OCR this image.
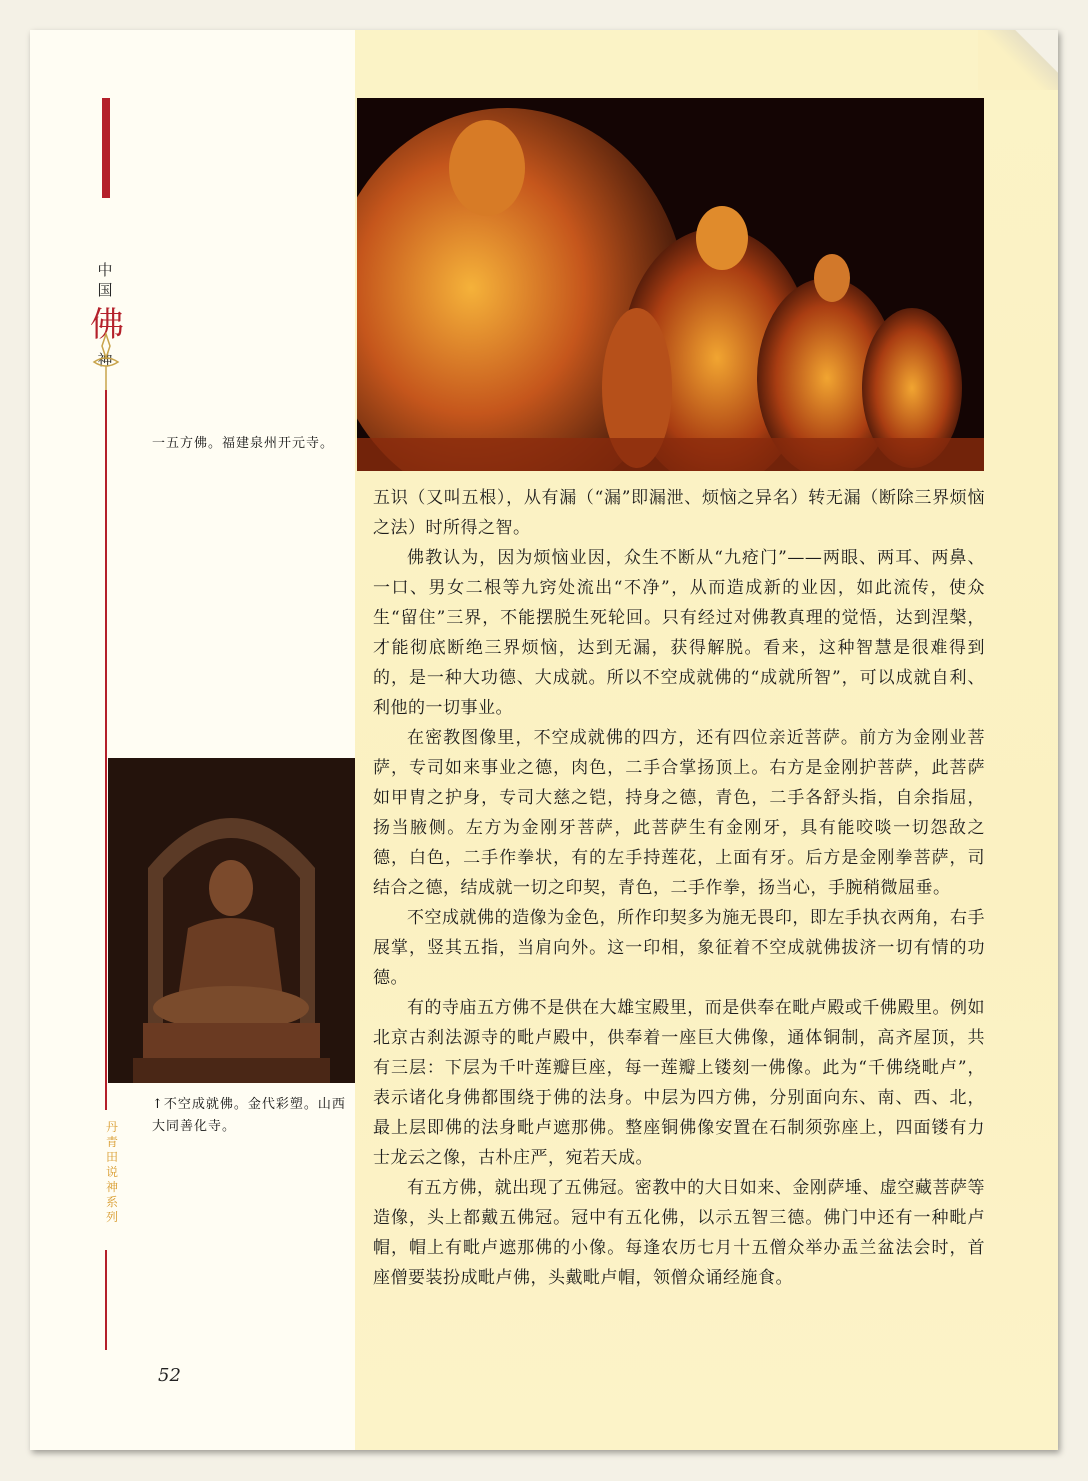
中
国
佛
神
一五方佛。福建泉州开元寺。
↑不空成就佛。金代彩塑。山西大同善化寺。
丹青田说神系列
52

五识（又叫五根），从有漏（“漏”即漏泄、烦恼之异名）转无漏（断除三界烦恼之法）时所得之智。

佛教认为，因为烦恼业因，众生不断从“九疮门”——两眼、两耳、两鼻、一口、男女二根等九窍处流出“不净”，从而造成新的业因，如此流传，使众生“留住”三界，不能摆脱生死轮回。只有经过对佛教真理的觉悟，达到涅槃，才能彻底断绝三界烦恼，达到无漏，获得解脱。看来，这种智慧是很难得到的，是一种大功德、大成就。所以不空成就佛的“成就所智”，可以成就自利、利他的一切事业。

在密教图像里，不空成就佛的四方，还有四位亲近菩萨。前方为金刚业菩萨，专司如来事业之德，肉色，二手合掌扬顶上。右方是金刚护菩萨，此菩萨如甲胄之护身，专司大慈之铠，持身之德，青色，二手各舒头指，自余指屈，扬当腋侧。左方为金刚牙菩萨，此菩萨生有金刚牙，具有能咬啖一切怨敌之德，白色，二手作拳状，有的左手持莲花，上面有牙。后方是金刚拳菩萨，司结合之德，结成就一切之印契，青色，二手作拳，扬当心，手腕稍微屈垂。

不空成就佛的造像为金色，所作印契多为施无畏印，即左手执衣两角，右手展掌，竖其五指，当肩向外。这一印相，象征着不空成就佛拔济一切有情的功德。

有的寺庙五方佛不是供在大雄宝殿里，而是供奉在毗卢殿或千佛殿里。例如北京古刹法源寺的毗卢殿中，供奉着一座巨大佛像，通体铜制，高齐屋顶，共有三层：下层为千叶莲瓣巨座，每一莲瓣上镂刻一佛像。此为“千佛绕毗卢”，表示诸化身佛都围绕于佛的法身。中层为四方佛，分别面向东、南、西、北，最上层即佛的法身毗卢遮那佛。整座铜佛像安置在石制须弥座上，四面镂有力士龙云之像，古朴庄严，宛若天成。

有五方佛，就出现了五佛冠。密教中的大日如来、金刚萨埵、虚空藏菩萨等造像，头上都戴五佛冠。冠中有五化佛，以示五智三德。佛门中还有一种毗卢帽，帽上有毗卢遮那佛的小像。每逢农历七月十五僧众举办盂兰盆法会时，首座僧要装扮成毗卢佛，头戴毗卢帽，领僧众诵经施食。
